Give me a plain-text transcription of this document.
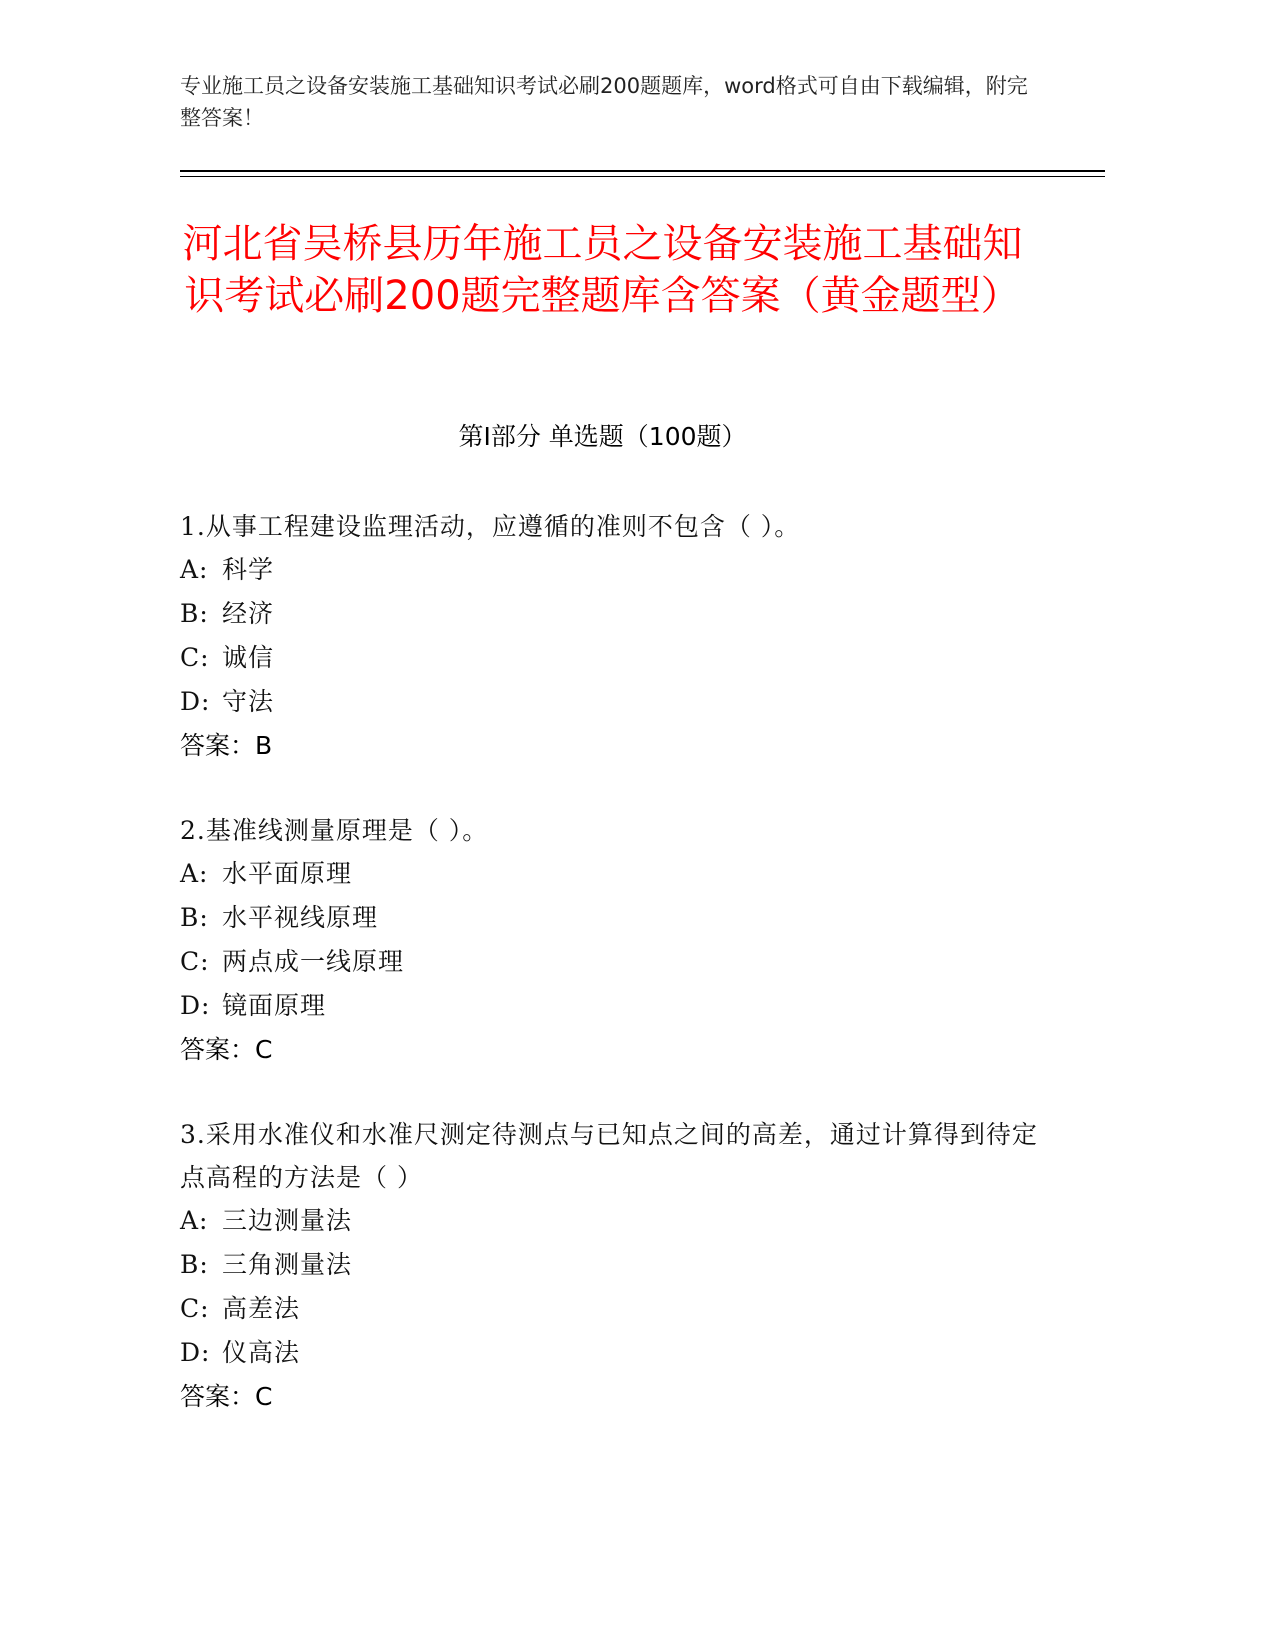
专业施工员之设备安装施工基础知识考试必刷200题题库，word格式可自由下载编辑，附完整答案！
河北省吴桥县历年施工员之设备安装施工基础知识考试必刷200题完整题库含答案（黄金题型）
第Ⅰ部分 单选题（100题）

1.从事工程建设监理活动，应遵循的准则不包含（ ）。

A: 科学

B: 经济

C: 诚信

D: 守法

答案：B

2.基准线测量原理是（ ）。

A: 水平面原理

B: 水平视线原理

C: 两点成一线原理

D: 镜面原理

答案：C

3.采用水准仪和水准尺测定待测点与已知点之间的高差，通过计算得到待定点高程的方法是（ ）

A: 三边测量法

B: 三角测量法

C: 高差法

D: 仪高法

答案：C
